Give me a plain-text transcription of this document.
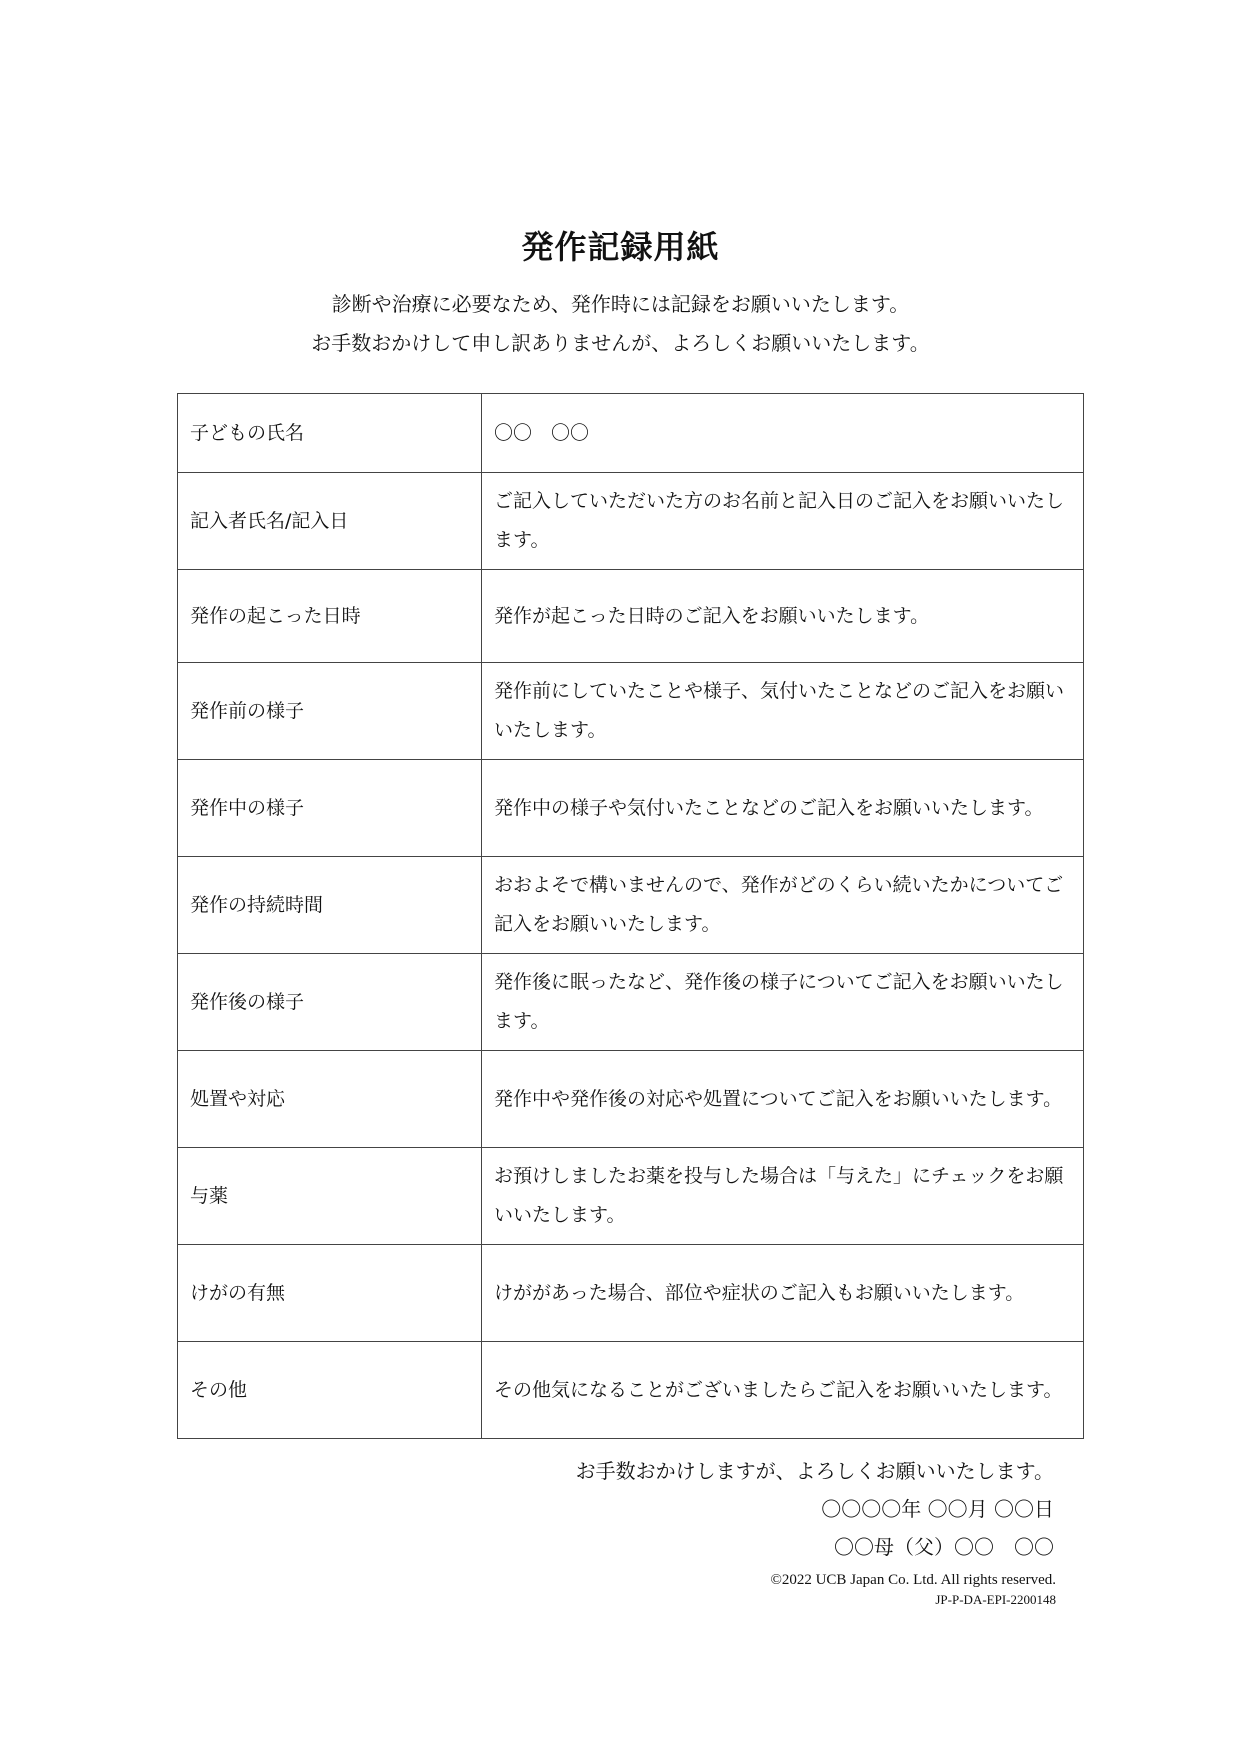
発作記録用紙
診断や治療に必要なため、発作時には記録をお願いいたします。
お手数おかけして申し訳ありませんが、よろしくお願いいたします。
子どもの氏名	〇〇　〇〇
記入者氏名/記入日	ご記入していただいた方のお名前と記入日のご記入をお願いいたします。
発作の起こった日時	発作が起こった日時のご記入をお願いいたします。
発作前の様子	発作前にしていたことや様子、気付いたことなどのご記入をお願いいたします。
発作中の様子	発作中の様子や気付いたことなどのご記入をお願いいたします。
発作の持続時間	おおよそで構いませんので、発作がどのくらい続いたかについてご記入をお願いいたします。
発作後の様子	発作後に眠ったなど、発作後の様子についてご記入をお願いいたします。
処置や対応	発作中や発作後の対応や処置についてご記入をお願いいたします。
与薬	お預けしましたお薬を投与した場合は「与えた」にチェックをお願いいたします。
けがの有無	けががあった場合、部位や症状のご記入もお願いいたします。
その他	その他気になることがございましたらご記入をお願いいたします。
お手数おかけしますが、よろしくお願いいたします。
〇〇〇〇年 〇〇月 〇〇日
〇〇母（父）〇〇　〇〇
©2022 UCB Japan Co. Ltd. All rights reserved.
JP-P-DA-EPI-2200148
